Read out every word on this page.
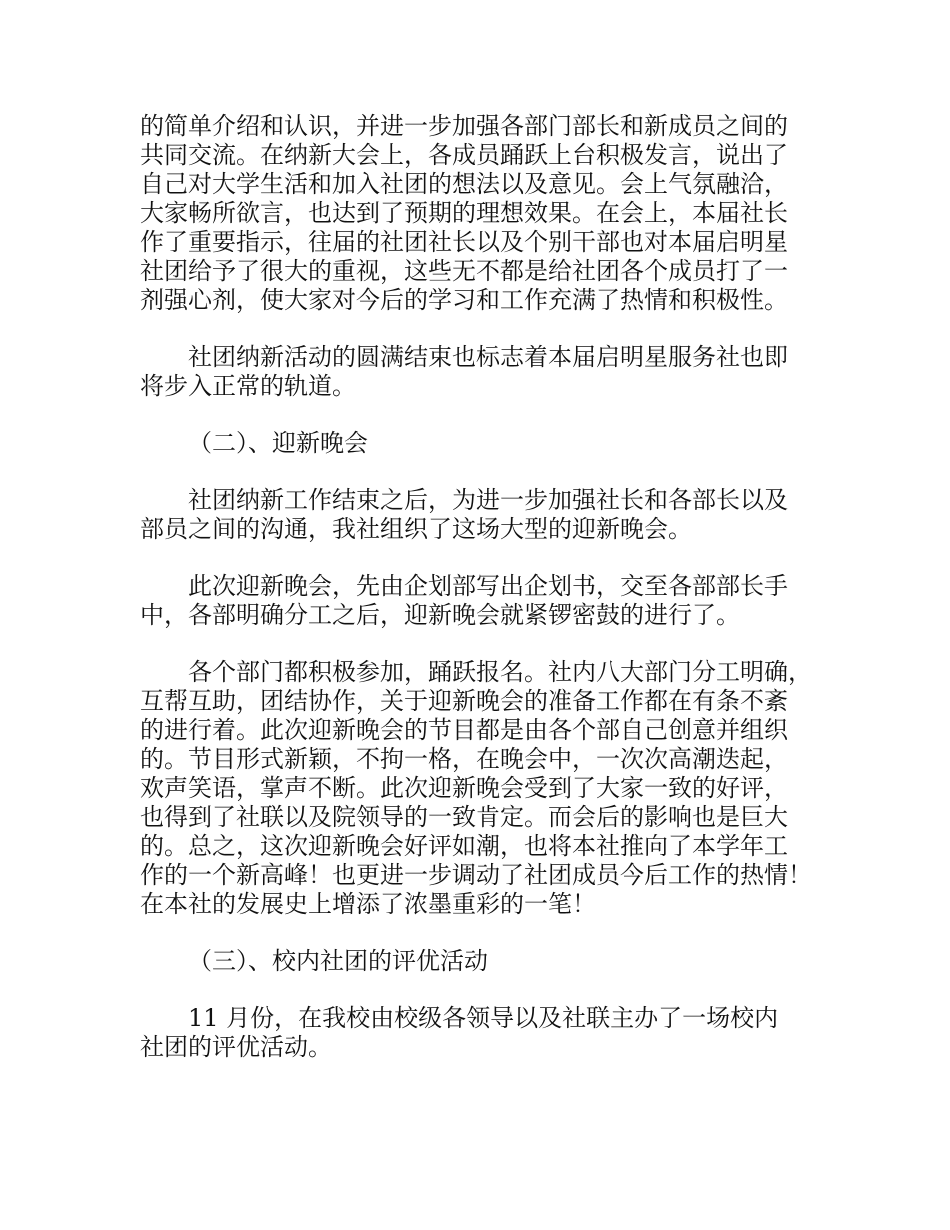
的简单介绍和认识，并进一步加强各部门部长和新成员之间的
共同交流。在纳新大会上，各成员踊跃上台积极发言，说出了
自己对大学生活和加入社团的想法以及意见。会上气氛融洽，
大家畅所欲言，也达到了预期的理想效果。在会上，本届社长
作了重要指示，往届的社团社长以及个别干部也对本届启明星
社团给予了很大的重视，这些无不都是给社团各个成员打了一
剂强心剂，使大家对今后的学习和工作充满了热情和积极性。

社团纳新活动的圆满结束也标志着本届启明星服务社也即
将步入正常的轨道。

（二）、迎新晚会

社团纳新工作结束之后，为进一步加强社长和各部长以及
部员之间的沟通，我社组织了这场大型的迎新晚会。

此次迎新晚会，先由企划部写出企划书，交至各部部长手
中，各部明确分工之后，迎新晚会就紧锣密鼓的进行了。

各个部门都积极参加，踊跃报名。社内八大部门分工明确，
互帮互助，团结协作，关于迎新晚会的准备工作都在有条不紊
的进行着。此次迎新晚会的节目都是由各个部自己创意并组织
的。节目形式新颖，不拘一格，在晚会中，一次次高潮迭起，
欢声笑语，掌声不断。此次迎新晚会受到了大家一致的好评，
也得到了社联以及院领导的一致肯定。而会后的影响也是巨大
的。总之，这次迎新晚会好评如潮，也将本社推向了本学年工
作的一个新高峰！也更进一步调动了社团成员今后工作的热情！
在本社的发展史上增添了浓墨重彩的一笔！

（三）、校内社团的评优活动

11 月份，在我校由校级各领导以及社联主办了一场校内
社团的评优活动。
